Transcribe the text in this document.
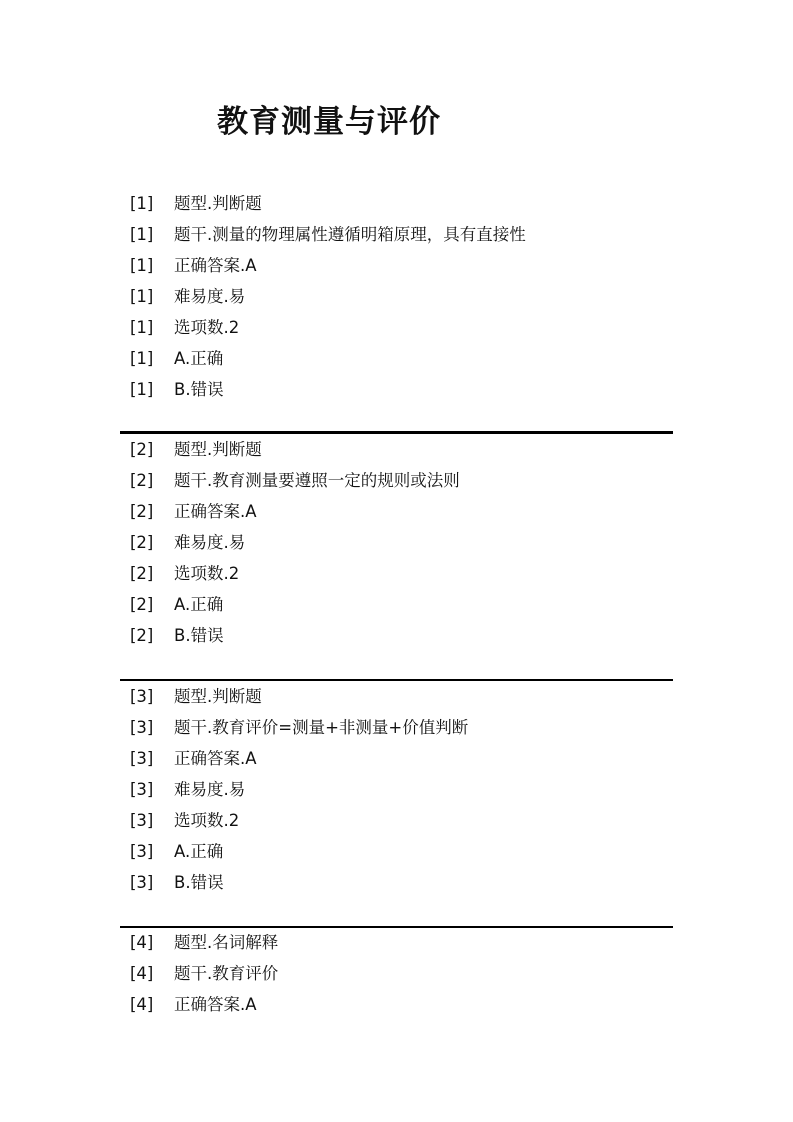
教育测量与评价
[1] 题型.判断题
[1] 题干.测量的物理属性遵循明箱原理，具有直接性
[1] 正确答案.A
[1] 难易度.易
[1] 选项数.2
[1] A.正确
[1] B.错误
[2] 题型.判断题
[2] 题干.教育测量要遵照一定的规则或法则
[2] 正确答案.A
[2] 难易度.易
[2] 选项数.2
[2] A.正确
[2] B.错误
[3] 题型.判断题
[3] 题干.教育评价=测量+非测量+价值判断
[3] 正确答案.A
[3] 难易度.易
[3] 选项数.2
[3] A.正确
[3] B.错误
[4] 题型.名词解释
[4] 题干.教育评价
[4] 正确答案.A
